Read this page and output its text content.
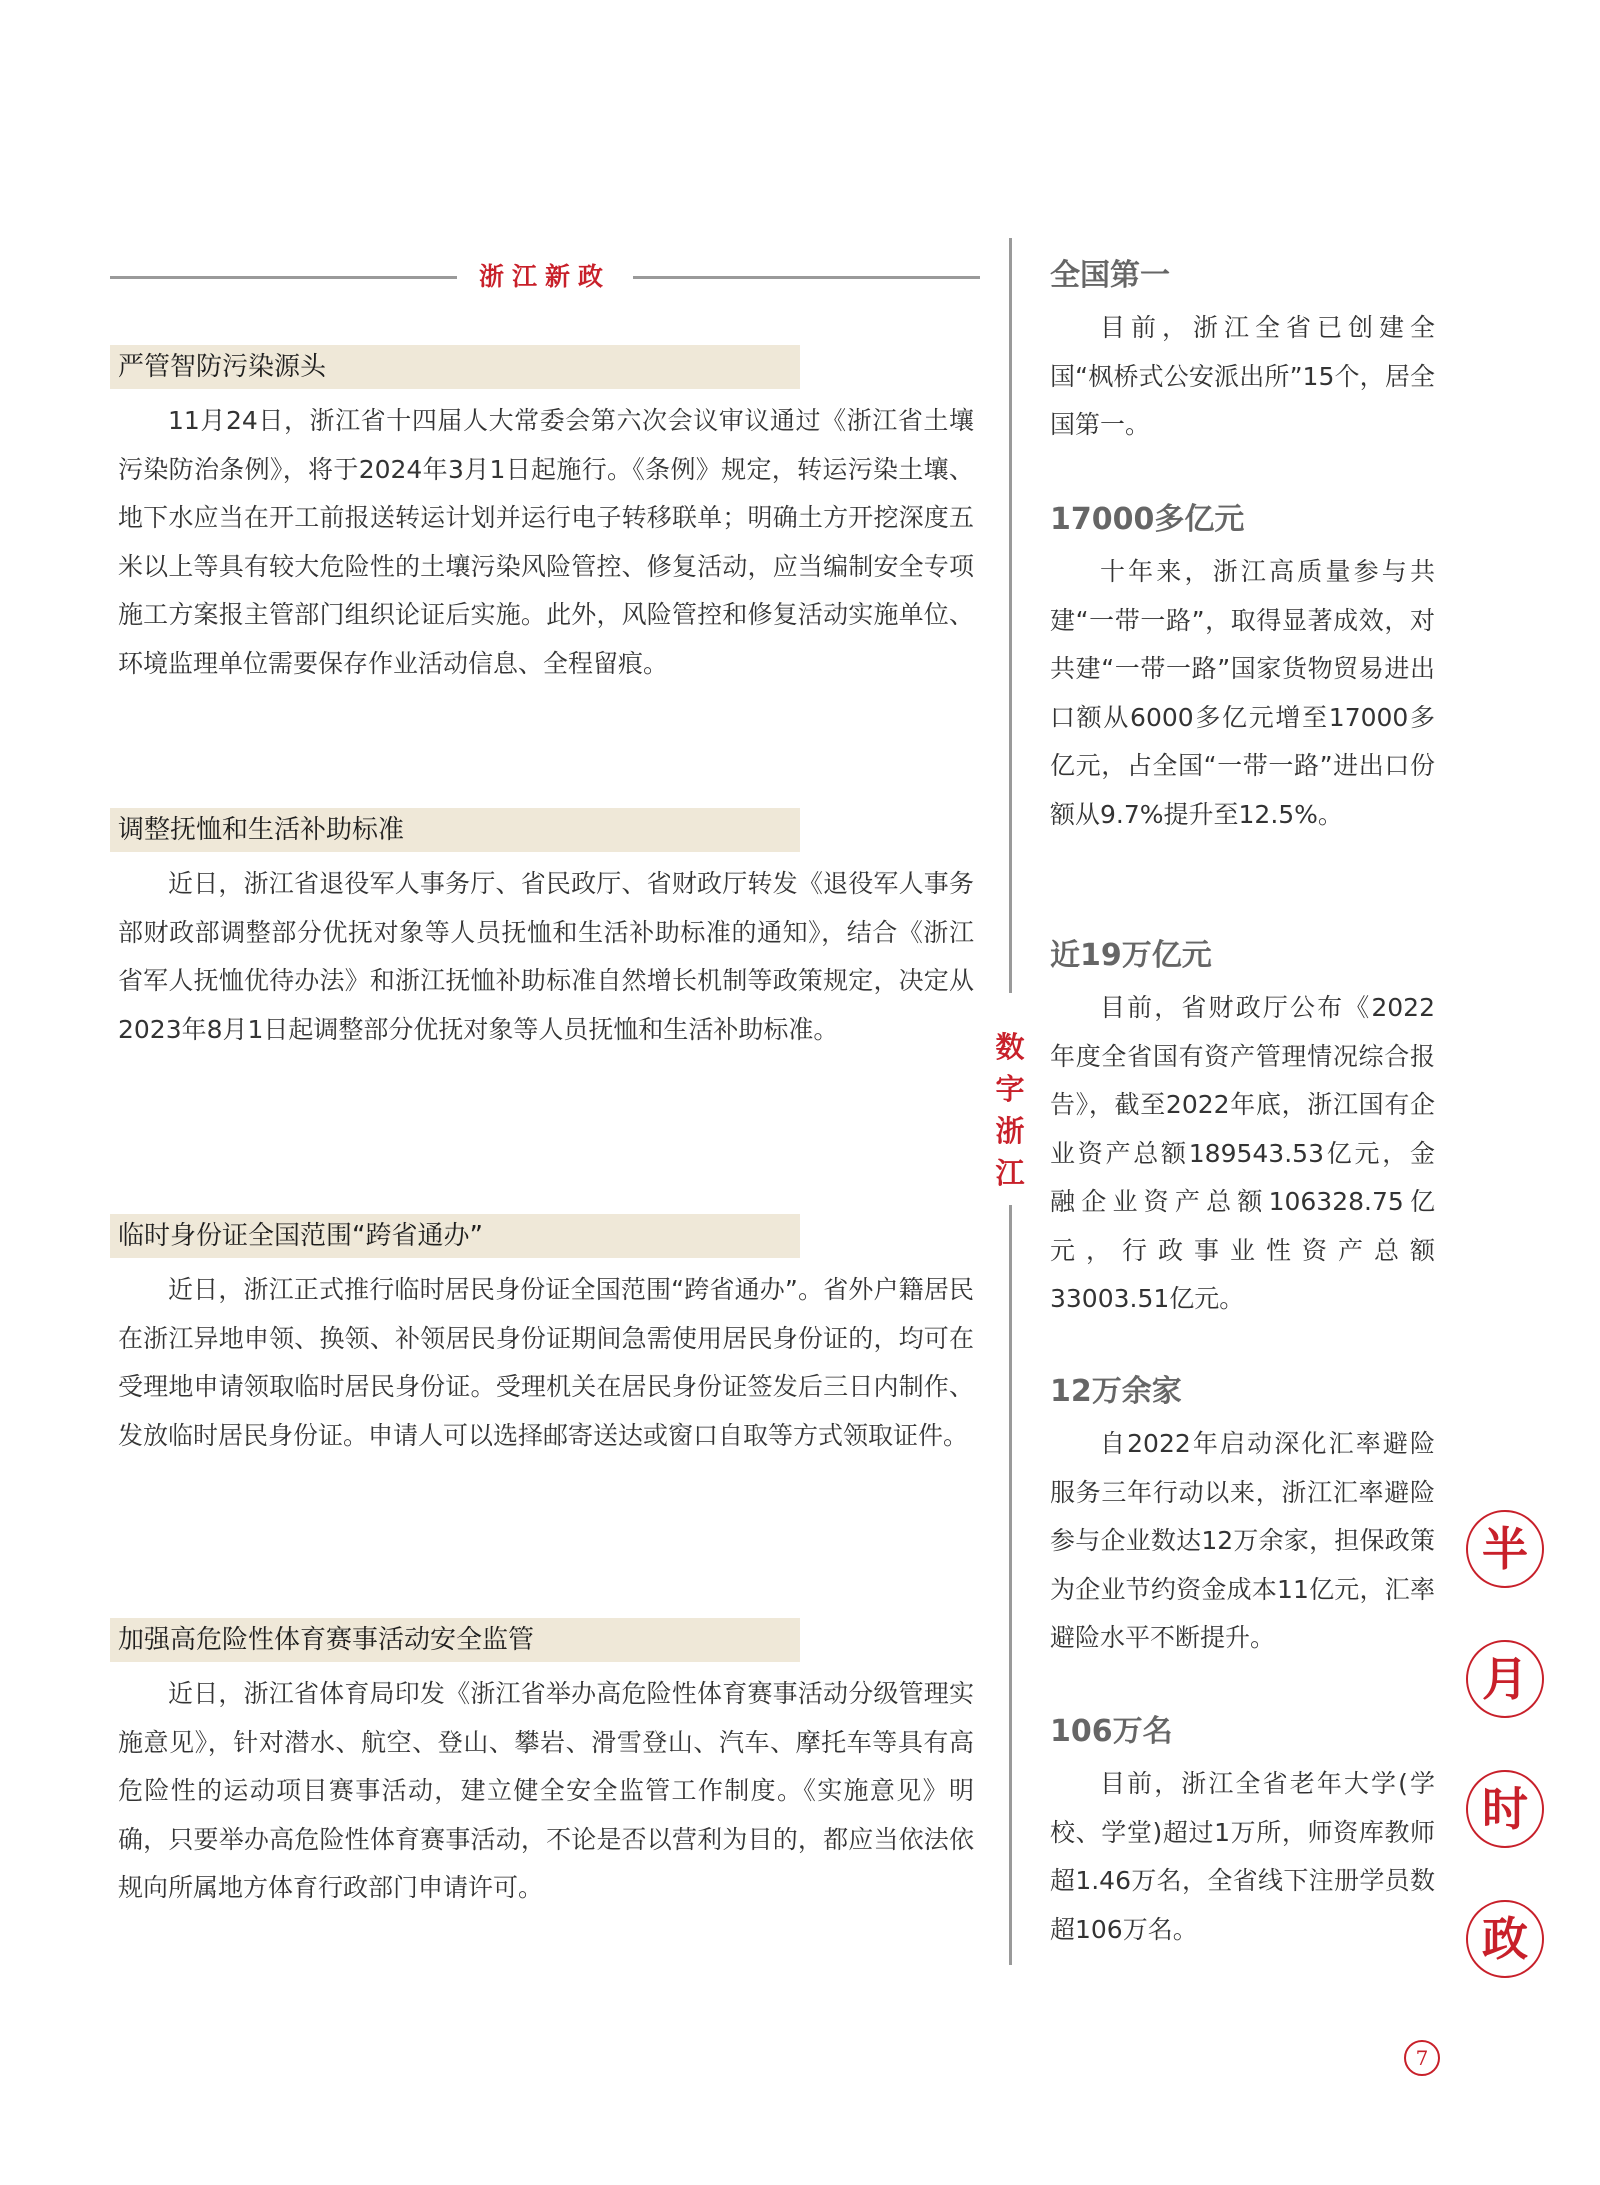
浙江新政
严管智防污染源头

11月24日，浙江省十四届人大常委会第六次会议审议通过《浙江省土壤污染防治条例》，将于2024年3月1日起施行。《条例》规定，转运污染土壤、地下水应当在开工前报送转运计划并运行电子转移联单；明确土方开挖深度五米以上等具有较大危险性的土壤污染风险管控、修复活动，应当编制安全专项施工方案报主管部门组织论证后实施。此外，风险管控和修复活动实施单位、环境监理单位需要保存作业活动信息、全程留痕。

调整抚恤和生活补助标准

近日，浙江省退役军人事务厅、省民政厅、省财政厅转发《退役军人事务部财政部调整部分优抚对象等人员抚恤和生活补助标准的通知》，结合《浙江省军人抚恤优待办法》和浙江抚恤补助标准自然增长机制等政策规定，决定从2023年8月1日起调整部分优抚对象等人员抚恤和生活补助标准。

临时身份证全国范围“跨省通办”

近日，浙江正式推行临时居民身份证全国范围“跨省通办”。省外户籍居民在浙江异地申领、换领、补领居民身份证期间急需使用居民身份证的，均可在受理地申请领取临时居民身份证。受理机关在居民身份证签发后三日内制作、发放临时居民身份证。申请人可以选择邮寄送达或窗口自取等方式领取证件。

加强高危险性体育赛事活动安全监管

近日，浙江省体育局印发《浙江省举办高危险性体育赛事活动分级管理实施意见》，针对潜水、航空、登山、攀岩、滑雪登山、汽车、摩托车等具有高危险性的运动项目赛事活动，建立健全安全监管工作制度。《实施意见》明确，只要举办高危险性体育赛事活动，不论是否以营利为目的，都应当依法依规向所属地方体育行政部门申请许可。

数
字
浙
江
全国第一

目前，浙江全省已创建全国“枫桥式公安派出所”15个，居全国第一。

17000多亿元

十年来，浙江高质量参与共建“一带一路”，取得显著成效，对共建“一带一路”国家货物贸易进出口额从6000多亿元增至17000多亿元，占全国“一带一路”进出口份额从9.7%提升至12.5%。

近19万亿元

目前，省财政厅公布《2022年度全省国有资产管理情况综合报告》，截至2022年底，浙江国有企业资产总额189543.53亿元，金融企业资产总额106328.75亿元，行政事业性资产总额33003.51亿元。

12万余家

自2022年启动深化汇率避险服务三年行动以来，浙江汇率避险参与企业数达12万余家，担保政策为企业节约资金成本11亿元，汇率避险水平不断提升。

106万名

目前，浙江全省老年大学(学校、学堂)超过1万所，师资库教师超1.46万名，全省线下注册学员数超106万名。

半
月
时
政
7
